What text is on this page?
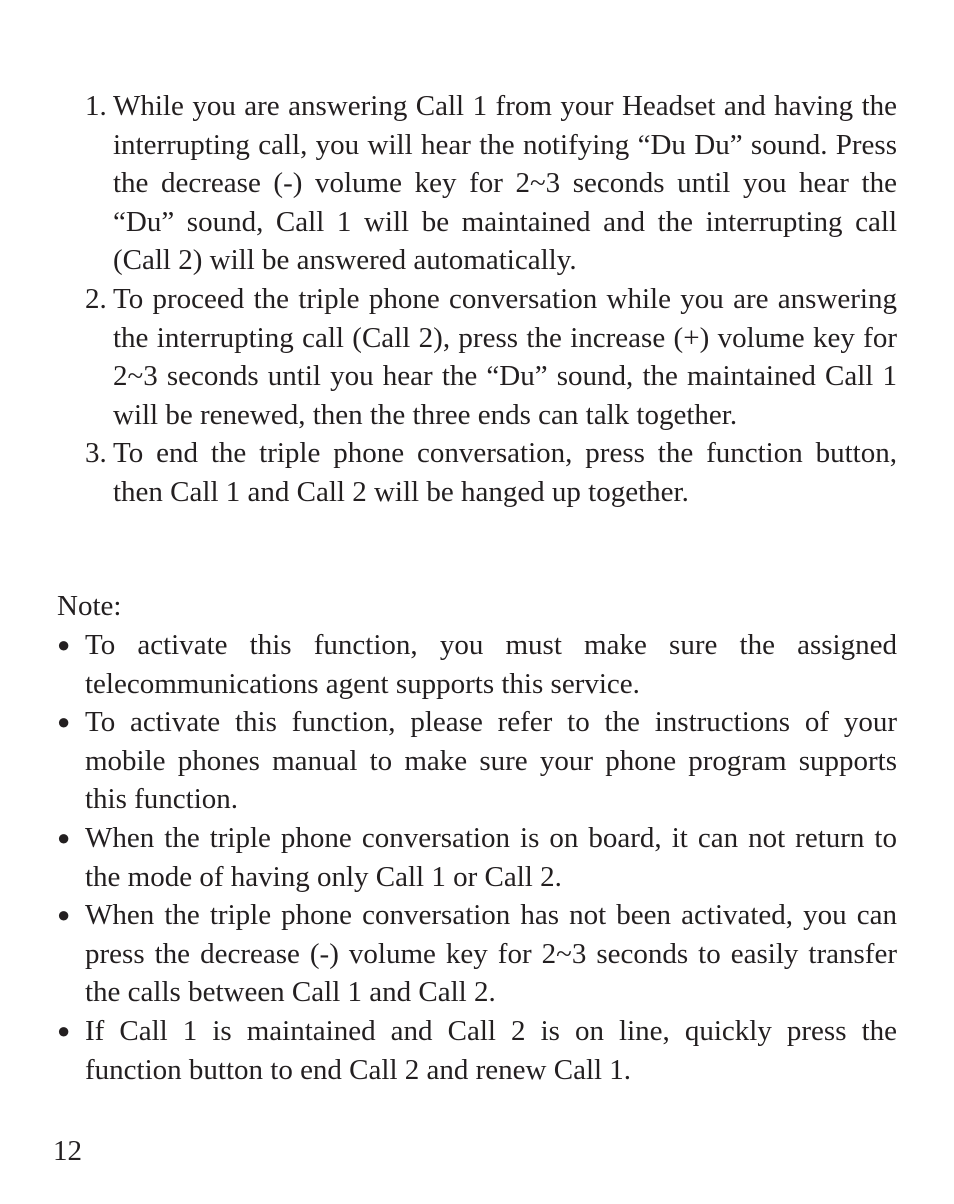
1. While you are answering Call 1 from your Headset and having the interrupting call, you will hear the notifying “Du Du” sound. Press the decrease (-) volume key for 2~3 seconds until you hear the “Du” sound, Call 1 will be maintained and the interrupting call (Call 2) will be answered automatically.
2. To proceed the triple phone conversation while you are answering the interrupting call (Call 2), press the increase (+) volume key for 2~3 seconds until you hear the “Du” sound, the maintained Call 1 will be renewed, then the three ends can talk together.
3. To end the triple phone conversation, press the function button, then Call 1 and Call 2 will be hanged up together.

Note:

● To activate this function, you must make sure the assigned telecommunications agent supports this service.
● To activate this function, please refer to the instructions of your mobile phones manual to make sure your phone program supports this function.
● When the triple phone conversation is on board, it can not return to the mode of having only Call 1 or Call 2.
● When the triple phone conversation has not been activated, you can press the decrease (-) volume key for 2~3 seconds to easily transfer the calls between Call 1 and Call 2.
● If Call 1 is maintained and Call 2 is on line, quickly press the function button to end Call 2 and renew Call 1.

12
